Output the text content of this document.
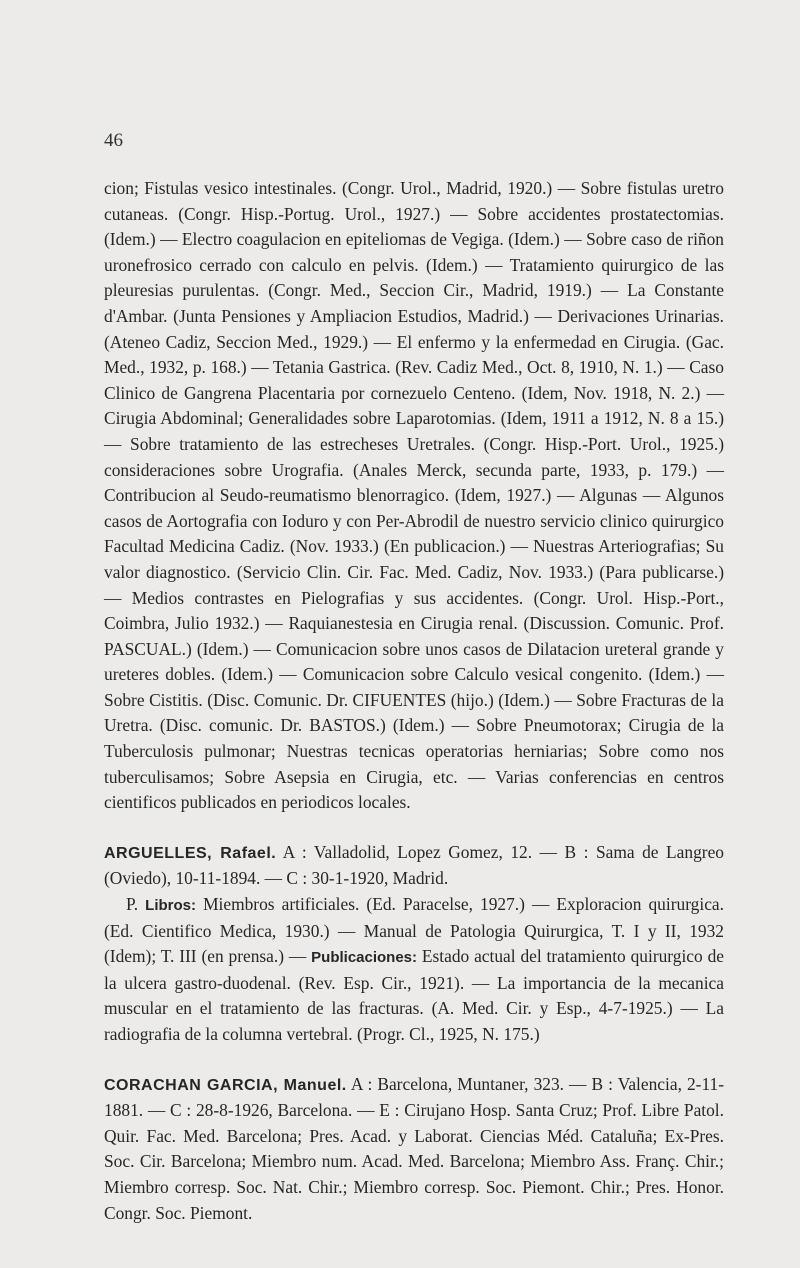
46

cion; Fistulas vesico intestinales. (Congr. Urol., Madrid, 1920.) — Sobre fistulas uretro cutaneas. (Congr. Hisp.-Portug. Urol., 1927.) — Sobre accidentes prostatectomias. (Idem.) — Electro coagulacion en epiteliomas de Vegiga. (Idem.) — Sobre caso de riñon uronefrosico cerrado con calculo en pelvis. (Idem.) — Tratamiento quirurgico de las pleuresias purulentas. (Congr. Med., Seccion Cir., Madrid, 1919.) — La Constante d'Ambar. (Junta Pensiones y Ampliacion Estudios, Madrid.) — Derivaciones Urinarias. (Ateneo Cadiz, Seccion Med., 1929.) — El enfermo y la enfermedad en Cirugia. (Gac. Med., 1932, p. 168.) — Tetania Gastrica. (Rev. Cadiz Med., Oct. 8, 1910, N. 1.) — Caso Clinico de Gangrena Placentaria por cornezuelo Centeno. (Idem, Nov. 1918, N. 2.) — Cirugia Abdominal; Generalidades sobre Laparotomias. (Idem, 1911 a 1912, N. 8 a 15.) — Sobre tratamiento de las estrecheses Uretrales. (Congr. Hisp.-Port. Urol., 1925.) consideraciones sobre Urografia. (Anales Merck, secunda parte, 1933, p. 179.) — Contribucion al Seudo-reumatismo blenorragico. (Idem, 1927.) — Algunas — Algunos casos de Aortografia con Ioduro y con Per-Abrodil de nuestro servicio clinico quirurgico Facultad Medicina Cadiz. (Nov. 1933.) (En publicacion.) — Nuestras Arteriografias; Su valor diagnostico. (Servicio Clin. Cir. Fac. Med. Cadiz, Nov. 1933.) (Para publicarse.) — Medios contrastes en Pielografias y sus accidentes. (Congr. Urol. Hisp.-Port., Coimbra, Julio 1932.) — Raquianestesia en Cirugia renal. (Discussion. Comunic. Prof. PASCUAL.) (Idem.) — Comunicacion sobre unos casos de Dilatacion ureteral grande y ureteres dobles. (Idem.) — Comunicacion sobre Calculo vesical congenito. (Idem.) — Sobre Cistitis. (Disc. Comunic. Dr. CIFUENTES (hijo.) (Idem.) — Sobre Fracturas de la Uretra. (Disc. comunic. Dr. BASTOS.) (Idem.) — Sobre Pneumotorax; Cirugia de la Tuberculosis pulmonar; Nuestras tecnicas operatorias herniarias; Sobre como nos tuberculisamos; Sobre Asepsia en Cirugia, etc. — Varias conferencias en centros cientificos publicados en periodicos locales.

ARGUELLES, Rafael. A : Valladolid, Lopez Gomez, 12. — B : Sama de Langreo (Oviedo), 10-11-1894. — C : 30-1-1920, Madrid.

P. Libros: Miembros artificiales. (Ed. Paracelse, 1927.) — Exploracion quirurgica. (Ed. Cientifico Medica, 1930.) — Manual de Patologia Quirurgica, T. I y II, 1932 (Idem); T. III (en prensa.) — Publicaciones: Estado actual del tratamiento quirurgico de la ulcera gastro-duodenal. (Rev. Esp. Cir., 1921). — La importancia de la mecanica muscular en el tratamiento de las fracturas. (A. Med. Cir. y Esp., 4-7-1925.) — La radiografia de la columna vertebral. (Progr. Cl., 1925, N. 175.)

CORACHAN GARCIA, Manuel. A : Barcelona, Muntaner, 323. — B : Valencia, 2-11-1881. — C : 28-8-1926, Barcelona. — E : Cirujano Hosp. Santa Cruz; Prof. Libre Patol. Quir. Fac. Med. Barcelona; Pres. Acad. y Laborat. Ciencias Méd. Cataluña; Ex-Pres. Soc. Cir. Barcelona; Miembro num. Acad. Med. Barcelona; Miembro Ass. Franç. Chir.; Miembro corresp. Soc. Nat. Chir.; Miembro corresp. Soc. Piemont. Chir.; Pres. Honor. Congr. Soc. Piemont.
